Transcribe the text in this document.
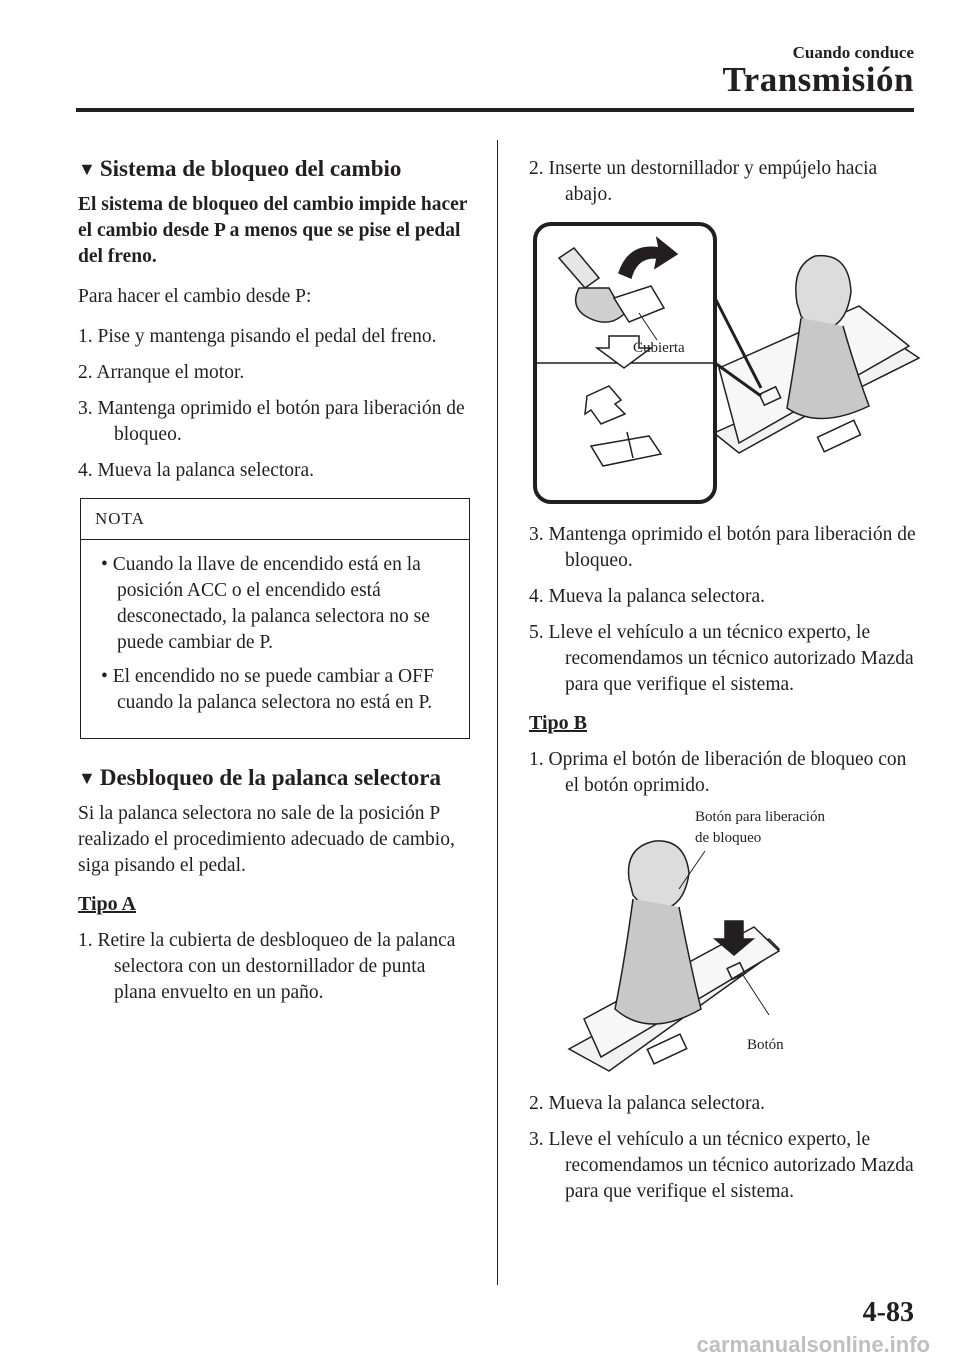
Cuando conduce
Transmisión
▼ Sistema de bloqueo del cambio

El sistema de bloqueo del cambio impide hacer el cambio desde P a menos que se pise el pedal del freno.

Para hacer el cambio desde P:

1. Pise y mantenga pisando el pedal del freno.
2. Arranque el motor.
3. Mantenga oprimido el botón para liberación de bloqueo.
4. Mueva la palanca selectora.
NOTA
• Cuando la llave de encendido está en la posición ACC o el encendido está desconectado, la palanca selectora no se puede cambiar de P.
• El encendido no se puede cambiar a OFF cuando la palanca selectora no está en P.
▼ Desbloqueo de la palanca selectora

Si la palanca selectora no sale de la posición P realizado el procedimiento adecuado de cambio, siga pisando el pedal.

Tipo A
1. Retire la cubierta de desbloqueo de la palanca selectora con un destornillador de punta plana envuelto en un paño.
2. Inserte un destornillador y empújelo hacia abajo.
Cubierta
3. Mantenga oprimido el botón para liberación de bloqueo.
4. Mueva la palanca selectora.
5. Lleve el vehículo a un técnico experto, le recomendamos un técnico autorizado Mazda para que verifique el sistema.
Tipo B
1. Oprima el botón de liberación de bloqueo con el botón oprimido.
Botón para liberación
de bloqueo
Botón
2. Mueva la palanca selectora.
3. Lleve el vehículo a un técnico experto, le recomendamos un técnico autorizado Mazda para que verifique el sistema.
4-83
carmanualsonline.info
